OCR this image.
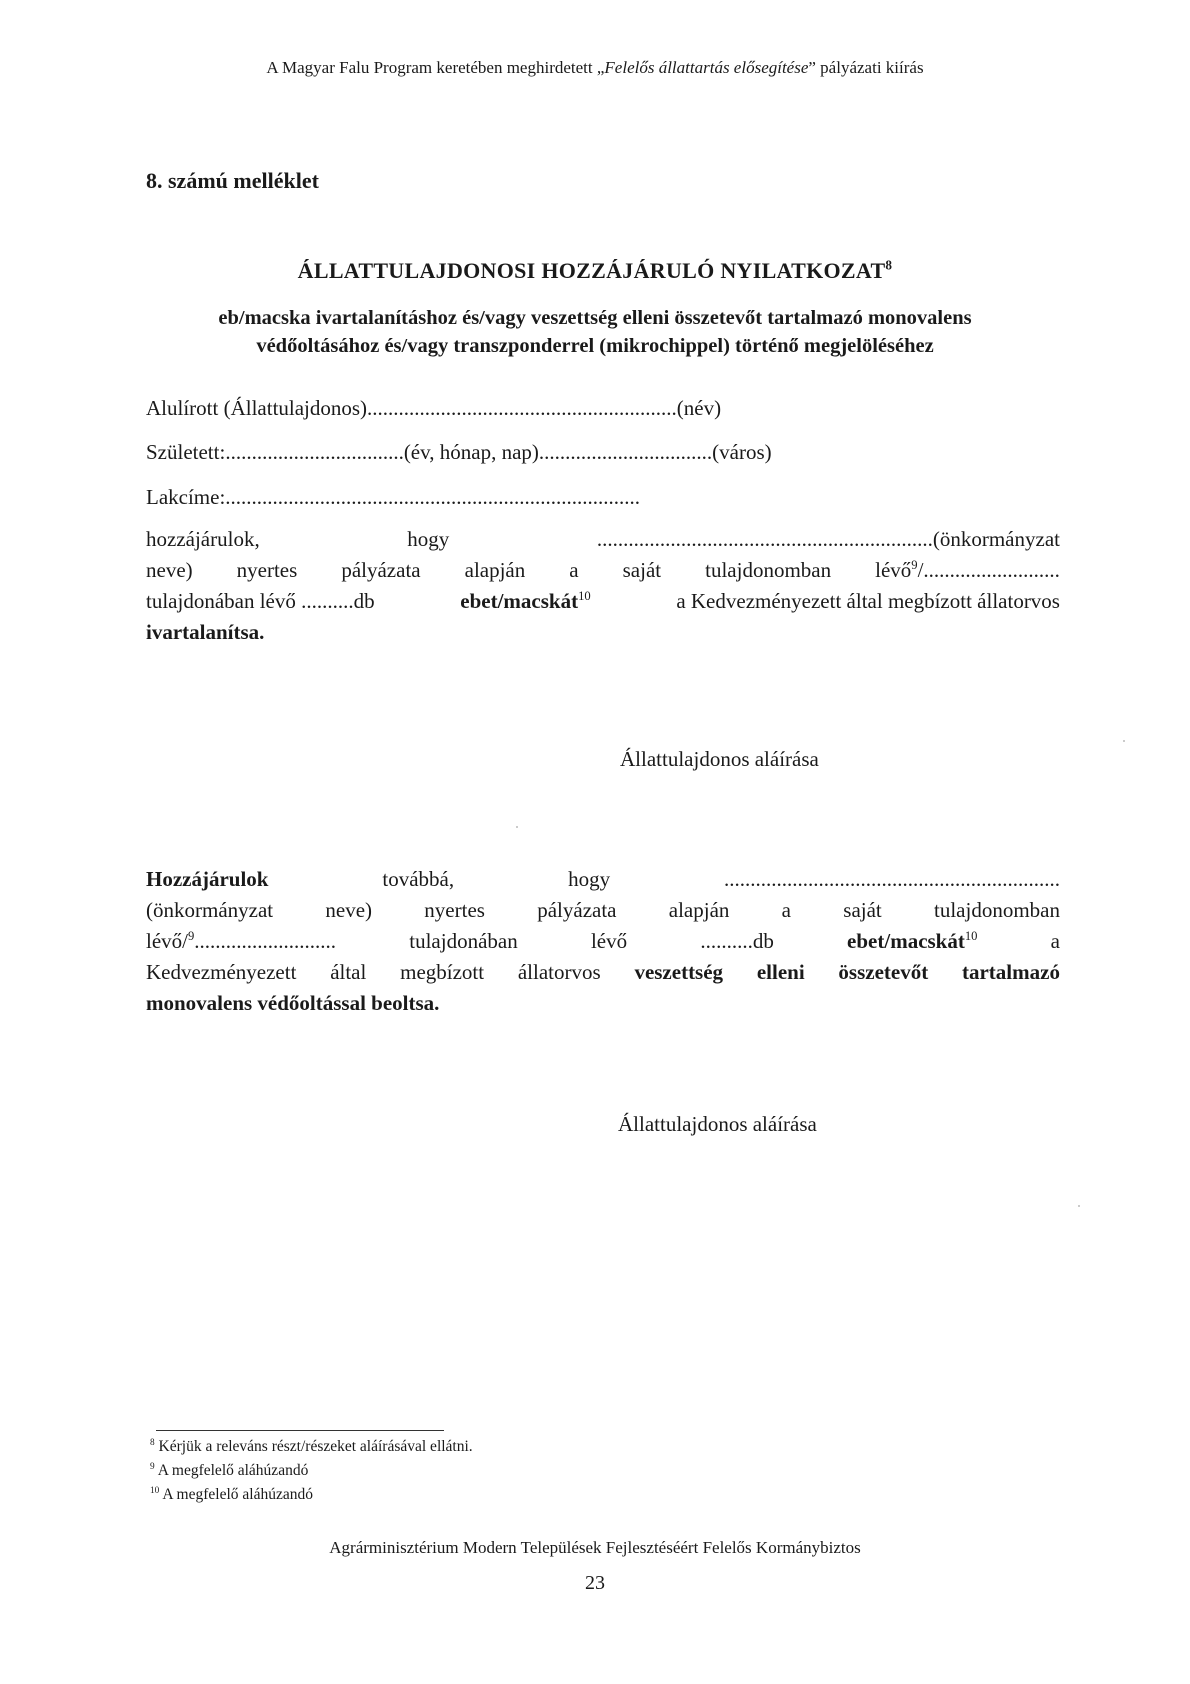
A Magyar Falu Program keretében meghirdetett „Felelős állattartás elősegítése” pályázati kiírás
8. számú melléklet
ÁLLATTULAJDONOSI HOZZÁJÁRULÓ NYILATKOZAT$^8$
eb/macska ivartalanításhoz és/vagy veszettség elleni összetevőt tartalmazó monovalens
védőoltásához és/vagy transzponderrel (mikrochippel) történő megjelöléséhez
Alulírott (Állattulajdonos)...........................................................(név)
Született:..................................(év, hónap, nap).................................(város)
Lakcíme:...............................................................................
hozzájárulok,	hogy	................................................................(önkormányzat
neve) nyertes pályázata alapján a saját tulajdonomban lévő$^9$/..........................
tulajdonában lévő ..........db	ebet/macskát$^{10}$	a Kedvezményezett által megbízott állatorvos
ivartalanítsa.
Állattulajdonos aláírása
Hozzájárulok	továbbá,	hogy	................................................................
(önkormányzat neve) nyertes pályázata alapján a saját tulajdonomban
lévő/$^9$...........................	tulajdonában	lévő	..........db	ebet/macskát$^{10}$	a
Kedvezményezett által megbízott állatorvos veszettség elleni összetevőt tartalmazó
monovalens védőoltással beoltsa.
Állattulajdonos aláírása
$^8$ Kérjük a releváns részt/részeket aláírásával ellátni.
$^9$ A megfelelő aláhúzandó
$^{10}$ A megfelelő aláhúzandó
Agrárminisztérium Modern Települések Fejlesztéséért Felelős Kormánybiztos
23
